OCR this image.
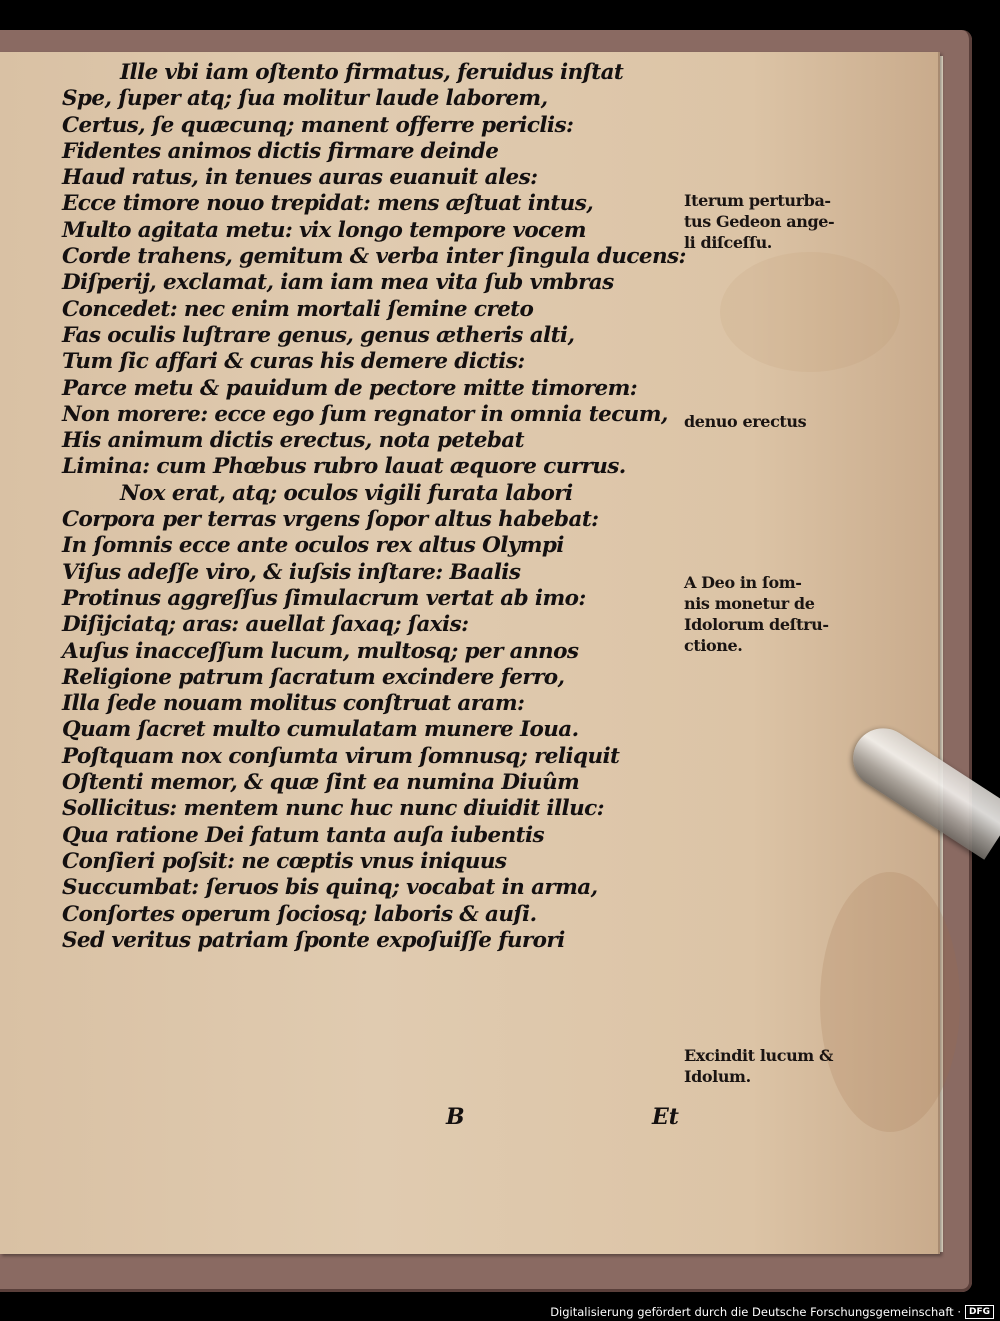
Ille vbi iam oſtento firmatus, feruidus inſtat
Spe, ſuper atq; ſua molitur laude laborem,
Certus, ſe quæcunq; manent offerre periclis:
Fidentes animos dictis firmare deinde
Haud ratus, in tenues auras euanuit ales:
Ecce timore nouo trepidat: mens æſtuat intus,
Multo agitata metu: vix longo tempore vocem
Corde trahens, gemitum & verba inter ſingula ducens:
Diſperij, exclamat, iam iam mea vita ſub vmbras
Concedet: nec enim mortali ſemine creto
Fas oculis luſtrare genus, genus ætheris alti,
Tum ſic affari & curas his demere dictis:
Parce metu & pauidum de pectore mitte timorem:
Non morere: ecce ego ſum regnator in omnia tecum,
His animum dictis erectus, nota petebat
Limina: cum Phœbus rubro lauat æquore currus.
Nox erat, atq; oculos vigili furata labori
Corpora per terras vrgens ſopor altus habebat:
In ſomnis ecce ante oculos rex altus Olympi
Viſus adeſſe viro, & iuſsis inſtare: Baalis
Protinus aggreſſus ſimulacrum vertat ab imo:
Diſijciatq; aras: auellat ſaxaq; ſaxis:
Auſus inacceſſum lucum, multosq; per annos
Religione patrum ſacratum excindere ferro,
Illa ſede nouam molitus conſtruat aram:
Quam ſacret multo cumulatam munere Ioua.
Poſtquam nox conſumta virum ſomnusq; reliquit
Oſtenti memor, & quæ ſint ea numina Diuûm
Sollicitus: mentem nunc huc nunc diuidit illuc:
Qua ratione Dei fatum tanta auſa iubentis
Conſieri poſsit: ne cœptis vnus iniquus
Succumbat: ſeruos bis quinq; vocabat in arma,
Conſortes operum ſociosq; laboris & auſi.
Sed veritus patriam ſponte expoſuiſſe furori
Iterum perturba-
tus Gedeon ange-
li diſceſſu.
denuo erectus
A Deo in ſom-
nis monetur de
Idolorum deſtru-
ctione.
Excindit lucum &
Idolum.
B	Et
Digitalisierung gefördert durch die Deutsche Forschungsgemeinschaft · DFG
